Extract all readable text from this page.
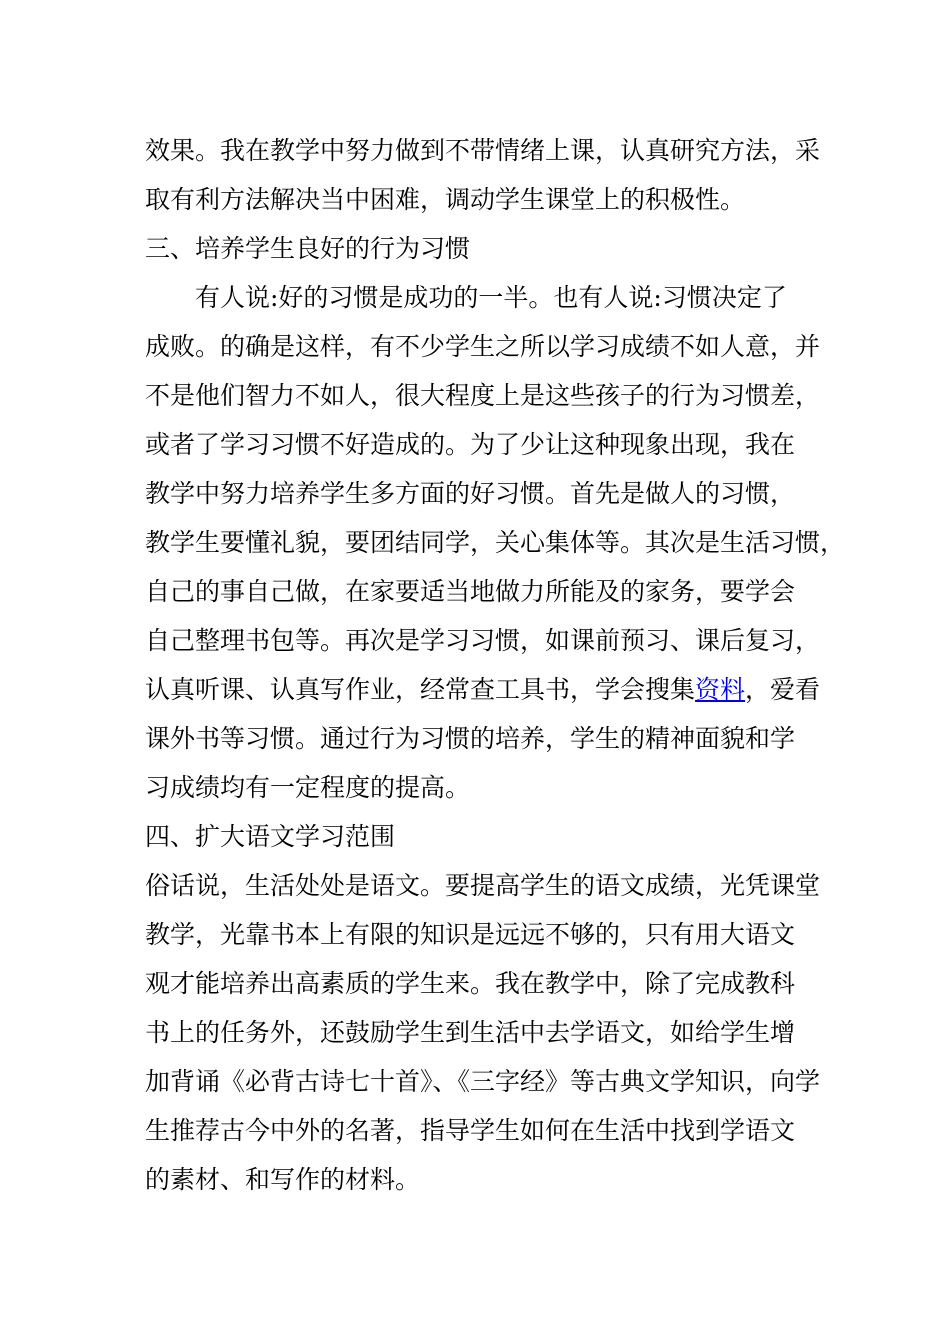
效果。我在教学中努力做到不带情绪上课，认真研究方法，采
取有利方法解决当中困难，调动学生课堂上的积极性。
三、培养学生良好的行为习惯
有人说:好的习惯是成功的一半。也有人说:习惯决定了
成败。的确是这样，有不少学生之所以学习成绩不如人意，并
不是他们智力不如人，很大程度上是这些孩子的行为习惯差，
或者了学习习惯不好造成的。为了少让这种现象出现，我在
教学中努力培养学生多方面的好习惯。首先是做人的习惯，
教学生要懂礼貌，要团结同学，关心集体等。其次是生活习惯，
自己的事自己做，在家要适当地做力所能及的家务，要学会
自己整理书包等。再次是学习习惯，如课前预习、课后复习，
认真听课、认真写作业，经常查工具书，学会搜集资料，爱看
课外书等习惯。通过行为习惯的培养，学生的精神面貌和学
习成绩均有一定程度的提高。
四、扩大语文学习范围
俗话说，生活处处是语文。要提高学生的语文成绩，光凭课堂
教学，光靠书本上有限的知识是远远不够的，只有用大语文
观才能培养出高素质的学生来。我在教学中，除了完成教科
书上的任务外，还鼓励学生到生活中去学语文，如给学生增
加背诵《必背古诗七十首》、《三字经》等古典文学知识，向学
生推荐古今中外的名著，指导学生如何在生活中找到学语文
的素材、和写作的材料。
